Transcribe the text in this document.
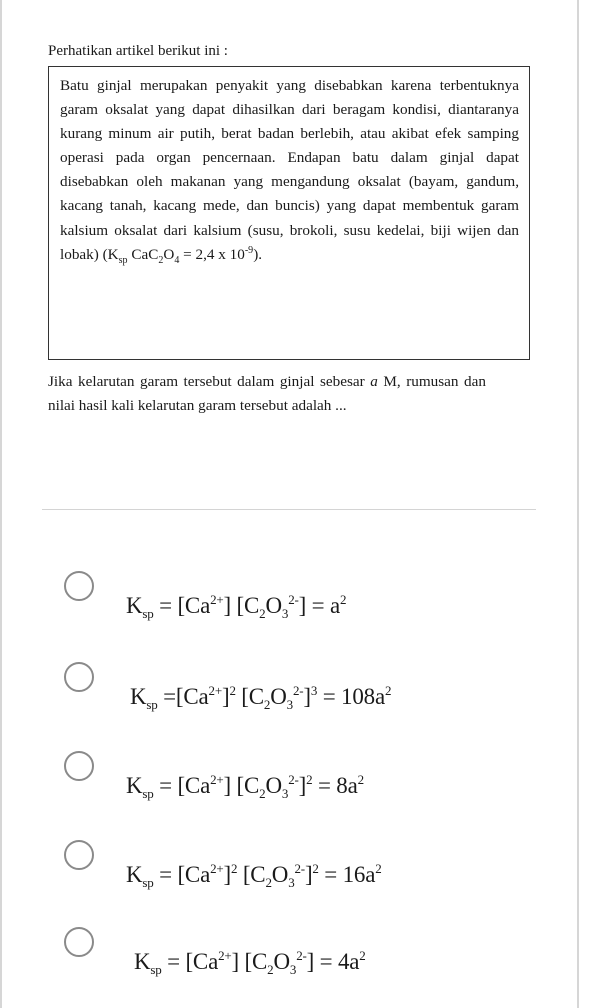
Perhatikan artikel berikut ini :
Batu ginjal merupakan penyakit yang disebabkan karena terbentuknya garam oksalat yang dapat dihasilkan dari beragam kondisi, diantaranya kurang minum air putih, berat badan berlebih, atau akibat efek samping operasi pada organ pencernaan. Endapan batu dalam ginjal dapat disebabkan oleh makanan yang mengandung oksalat (bayam, gandum, kacang tanah, kacang mede, dan buncis) yang dapat membentuk garam kalsium oksalat dari kalsium (susu, brokoli, susu kedelai, biji wijen dan lobak) ($K_{sp}$ $CaC_2O_4 = 2,4$ x $10^{-9}$).
Jika kelarutan garam tersebut dalam ginjal sebesar a M, rumusan dan nilai hasil kali kelarutan garam tersebut adalah ...
$K_{sp} = [Ca^{2+}] [C_2O_3^{2-}] = a^2$
$K_{sp} =[Ca^{2+}]^2$ $[C_2O_3^{2-}]^3 = 108a^2$
$K_{sp} = [Ca^{2+}] [C_2O_3^{2-}]^2 = 8a^2$
$K_{sp} = [Ca^{2+}]^2$ $[C_2O_3^{2-}]^2 = 16a^2$
$K_{sp} = [Ca^{2+}] [C_2O_3^{2-}] = 4a^2$
